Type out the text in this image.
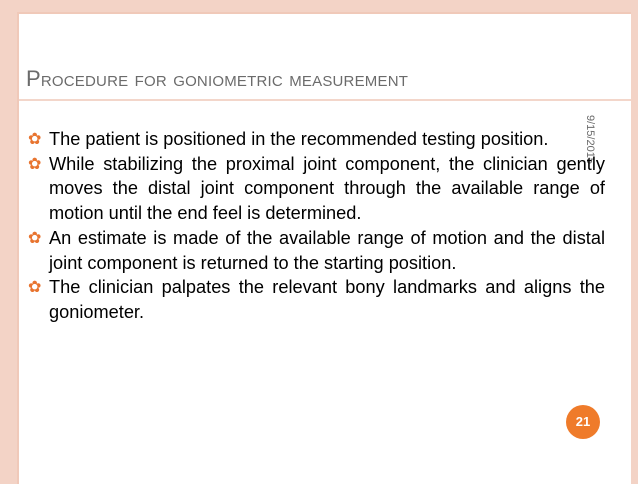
Procedure for goniometric measurement
9/15/2015
✿ The patient is positioned in the recommended testing position.
✿ While stabilizing the proximal joint component, the clinician gently moves the distal joint component through the available range of motion until the end feel is determined.
✿ An estimate is made of the available range of motion and the distal joint component is returned to the starting position.
✿ The clinician palpates the relevant bony landmarks and aligns the goniometer.
21
